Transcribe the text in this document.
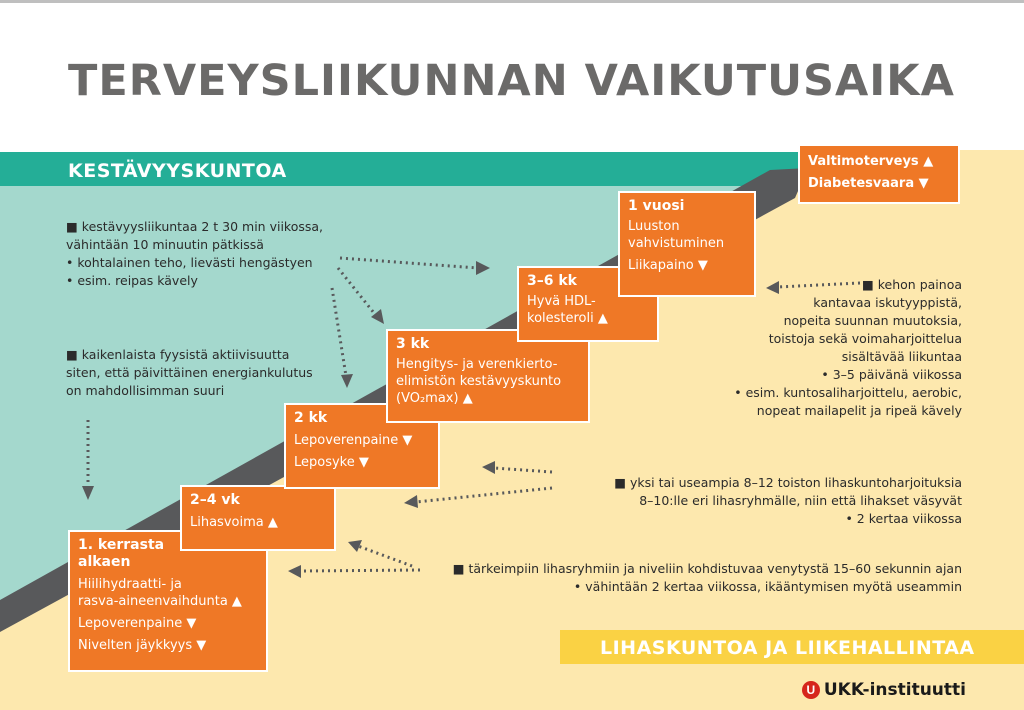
TERVEYSLIIKUNNAN VAIKUTUSAIKA
KESTÄVYYSKUNTOA
LIHASKUNTOA JA LIIKEHALLINTAA
1. kerrasta alkaen
Hiilihydraatti- ja
rasva-aineenvaihdunta ▲
Lepoverenpaine ▼
Nivelten jäykkyys ▼
2–4 vk
Lihasvoima ▲
2 kk
Lepoverenpaine ▼
Leposyke ▼
3 kk
Hengitys- ja verenkierto-
elimistön kestävyyskunto
(VO₂max) ▲
3–6 kk
Hyvä HDL-
kolesteroli ▲
1 vuosi
Luuston
vahvistuminen
Liikapaino ▼
Valtimoterveys ▲
Diabetesvaara ▼
■ kestävyysliikuntaa 2 t 30 min viikossa,
vähintään 10 minuutin pätkissä
• kohtalainen teho, lievästi hengästyen
• esim. reipas kävely
■ kaikenlaista fyysistä aktiivisuutta
siten, että päivittäinen energiankulutus
on mahdollisimman suuri
■ kehon painoa
kantavaa iskutyyppistä,
nopeita suunnan muutoksia,
toistoja sekä voimaharjoittelua
sisältävää liikuntaa
• 3–5 päivänä viikossa
• esim. kuntosaliharjoittelu, aerobic,
nopeat mailapelit ja ripeä kävely
■ yksi tai useampia 8–12 toiston lihaskuntoharjoituksia
8–10:lle eri lihasryhmälle, niin että lihakset väsyvät
• 2 kertaa viikossa
■ tärkeimpiin lihasryhmiin ja niveliin kohdistuvaa venytystä 15–60 sekunnin ajan
• vähintään 2 kertaa viikossa, ikääntymisen myötä useammin
U UKK-instituutti
